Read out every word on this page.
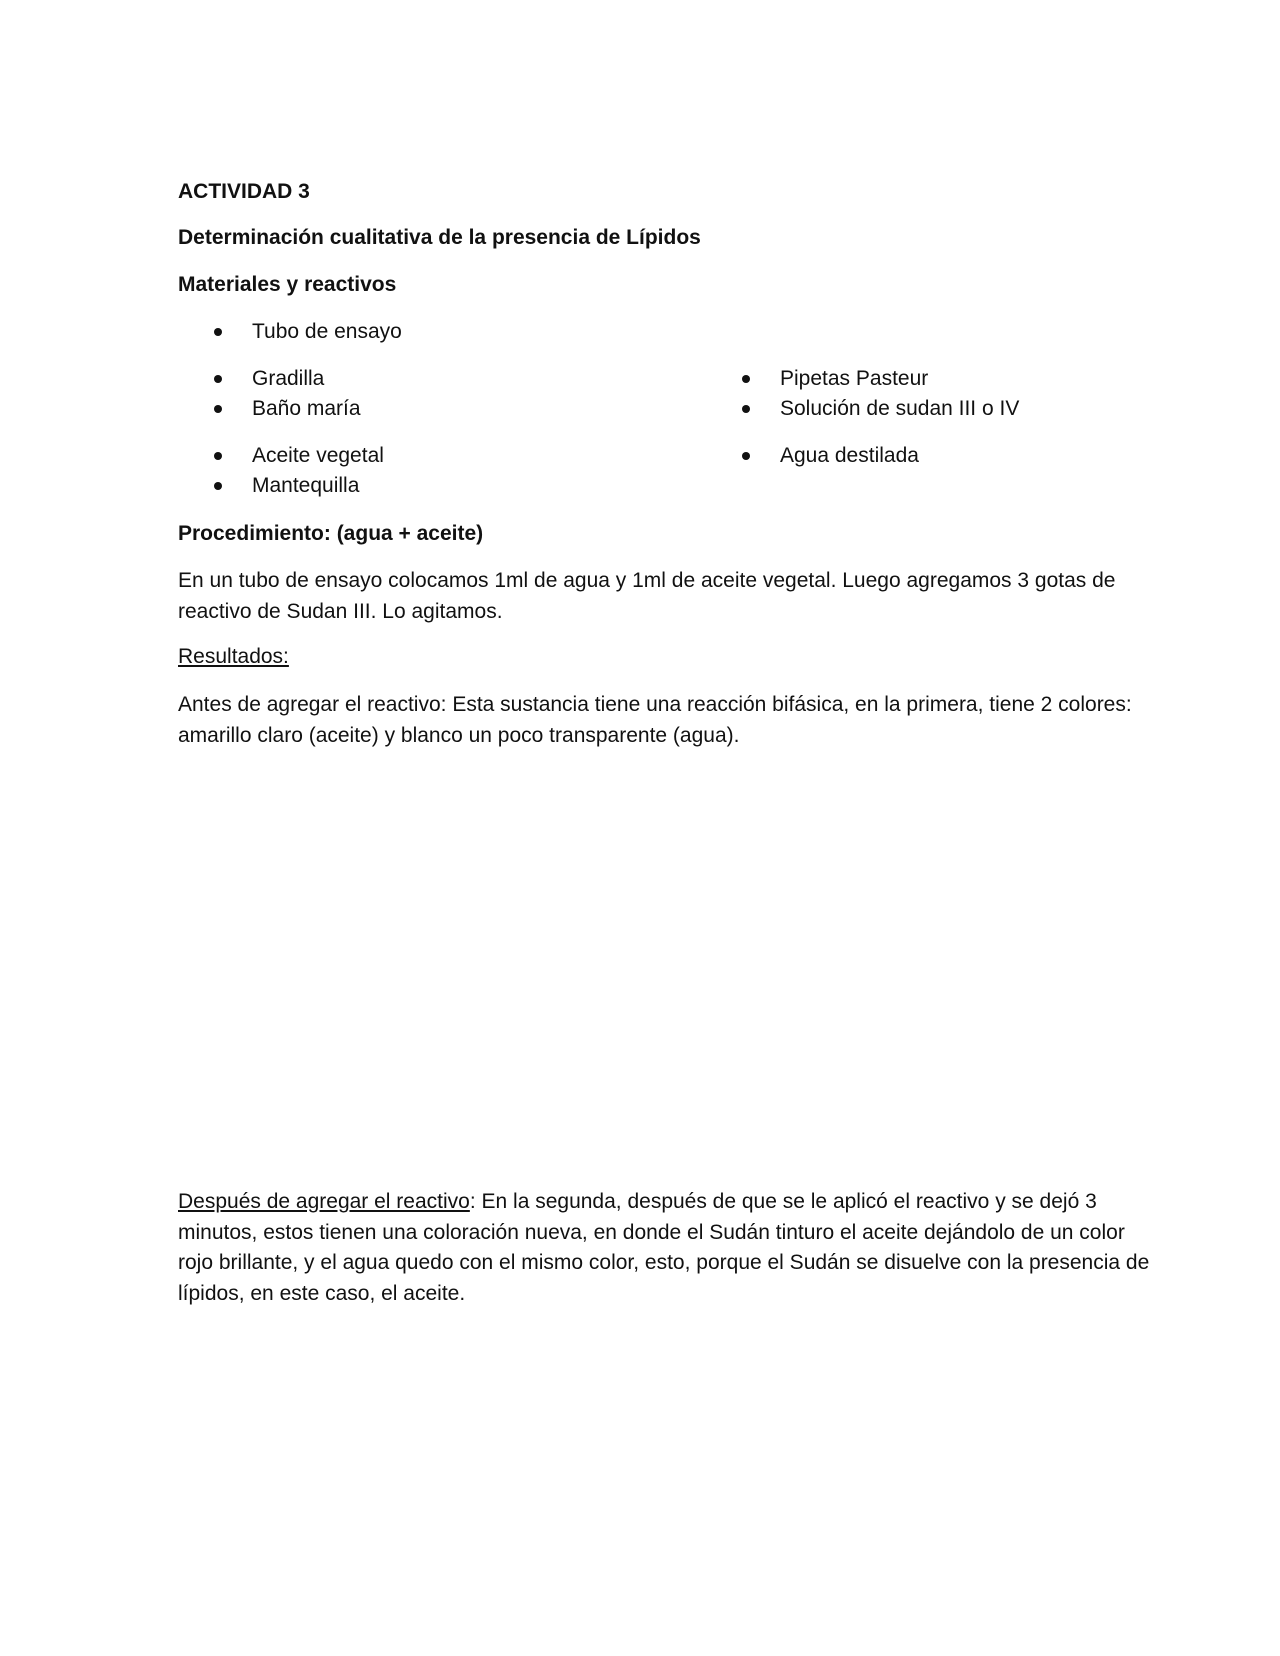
ACTIVIDAD 3
Determinación cualitativa de la presencia de Lípidos
Materiales y reactivos
Tubo de ensayo
Gradilla
Baño maría
Aceite vegetal
Mantequilla
Pipetas Pasteur
Solución de sudan III o IV
Agua destilada
Procedimiento: (agua + aceite)

En un tubo de ensayo colocamos 1ml de agua y 1ml de aceite vegetal. Luego agregamos 3 gotas de reactivo de Sudan III. Lo agitamos.

Resultados:

Antes de agregar el reactivo: Esta sustancia tiene una reacción bifásica, en la primera, tiene 2 colores: amarillo claro (aceite) y blanco un poco transparente (agua).

Después de agregar el reactivo: En la segunda, después de que se le aplicó el reactivo y se dejó 3 minutos, estos tienen una coloración nueva, en donde el Sudán tinturo el aceite dejándolo de un color rojo brillante, y el agua quedo con el mismo color, esto, porque el Sudán se disuelve con la presencia de lípidos, en este caso, el aceite.
